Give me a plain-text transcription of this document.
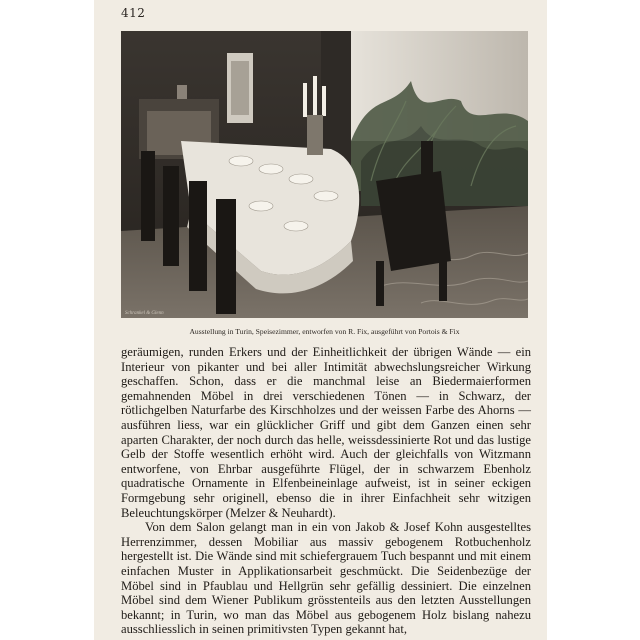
412
Schrankel & Glenn
Ausstellung in Turin, Speisezimmer, entworfen von R. Fix, ausgeführt von Portois & Fix

geräumigen, runden Erkers und der Einheitlichkeit der übrigen Wände — ein Interieur von pikanter und bei aller Intimität abwechslungsreicher Wirkung geschaffen. Schon, dass er die manchmal leise an Biedermaierformen gemahnenden Möbel in drei verschiedenen Tönen — in Schwarz, der rötlichgelben Naturfarbe des Kirschholzes und der weissen Farbe des Ahorns — ausführen liess, war ein glücklicher Griff und gibt dem Ganzen einen sehr aparten Charakter, der noch durch das helle, weissdessinierte Rot und das lustige Gelb der Stoffe wesentlich erhöht wird. Auch der gleichfalls von Witzmann entworfene, von Ehrbar ausgeführte Flügel, der in schwarzem Ebenholz quadratische Ornamente in Elfenbeineinlage aufweist, ist in seiner eckigen Formgebung sehr originell, ebenso die in ihrer Einfachheit sehr witzigen Beleuchtungskörper (Melzer & Neuhardt).

Von dem Salon gelangt man in ein von Jakob & Josef Kohn ausgestelltes Herrenzimmer, dessen Mobiliar aus massiv gebogenem Rotbuchenholz hergestellt ist. Die Wände sind mit schiefergrauem Tuch bespannt und mit einem einfachen Muster in Applikationsarbeit geschmückt. Die Seidenbezüge der Möbel sind in Pfaublau und Hellgrün sehr gefällig dessiniert. Die einzelnen Möbel sind dem Wiener Publikum grösstenteils aus den letzten Ausstellungen bekannt; in Turin, wo man das Möbel aus gebogenem Holz bislang nahezu ausschliesslich in seinen primitivsten Typen gekannt hat,
